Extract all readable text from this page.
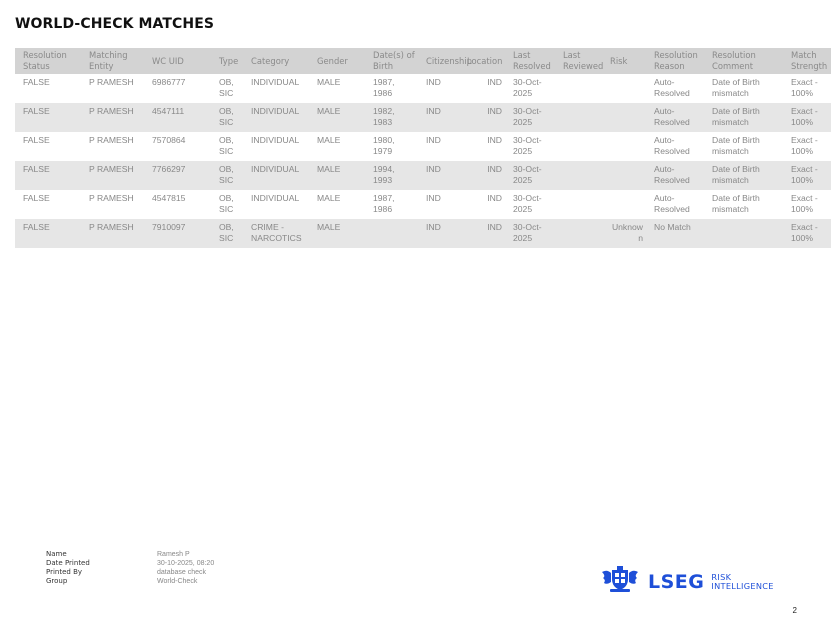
WORLD-CHECK MATCHES
Resolution Status	Matching Entity	WC UID	Type	Category	Gender	Date(s) of Birth	Citizenship	Location	Last Resolved	Last Reviewed	Risk	Resolution Reason	Resolution Comment	Match Strength
FALSE	P RAMESH	6986777	OB, SIC	INDIVIDUAL	MALE	1987, 1986	IND	IND	30-Oct-2025			Auto-Resolved	Date of Birth mismatch	Exact - 100%
FALSE	P RAMESH	4547111	OB, SIC	INDIVIDUAL	MALE	1982, 1983	IND	IND	30-Oct-2025			Auto-Resolved	Date of Birth mismatch	Exact - 100%
FALSE	P RAMESH	7570864	OB, SIC	INDIVIDUAL	MALE	1980, 1979	IND	IND	30-Oct-2025			Auto-Resolved	Date of Birth mismatch	Exact - 100%
FALSE	P RAMESH	7766297	OB, SIC	INDIVIDUAL	MALE	1994, 1993	IND	IND	30-Oct-2025			Auto-Resolved	Date of Birth mismatch	Exact - 100%
FALSE	P RAMESH	4547815	OB, SIC	INDIVIDUAL	MALE	1987, 1986	IND	IND	30-Oct-2025			Auto-Resolved	Date of Birth mismatch	Exact - 100%
FALSE	P RAMESH	7910097	OB, SIC	CRIME - NARCOTICS	MALE		IND	IND	30-Oct-2025		Unknown	No Match		Exact - 100%
Name	Ramesh P
Date Printed	30-10-2025, 08:20
Printed By	database check
Group	World-Check	LSEG RISK
INTELLIGENCE
2
